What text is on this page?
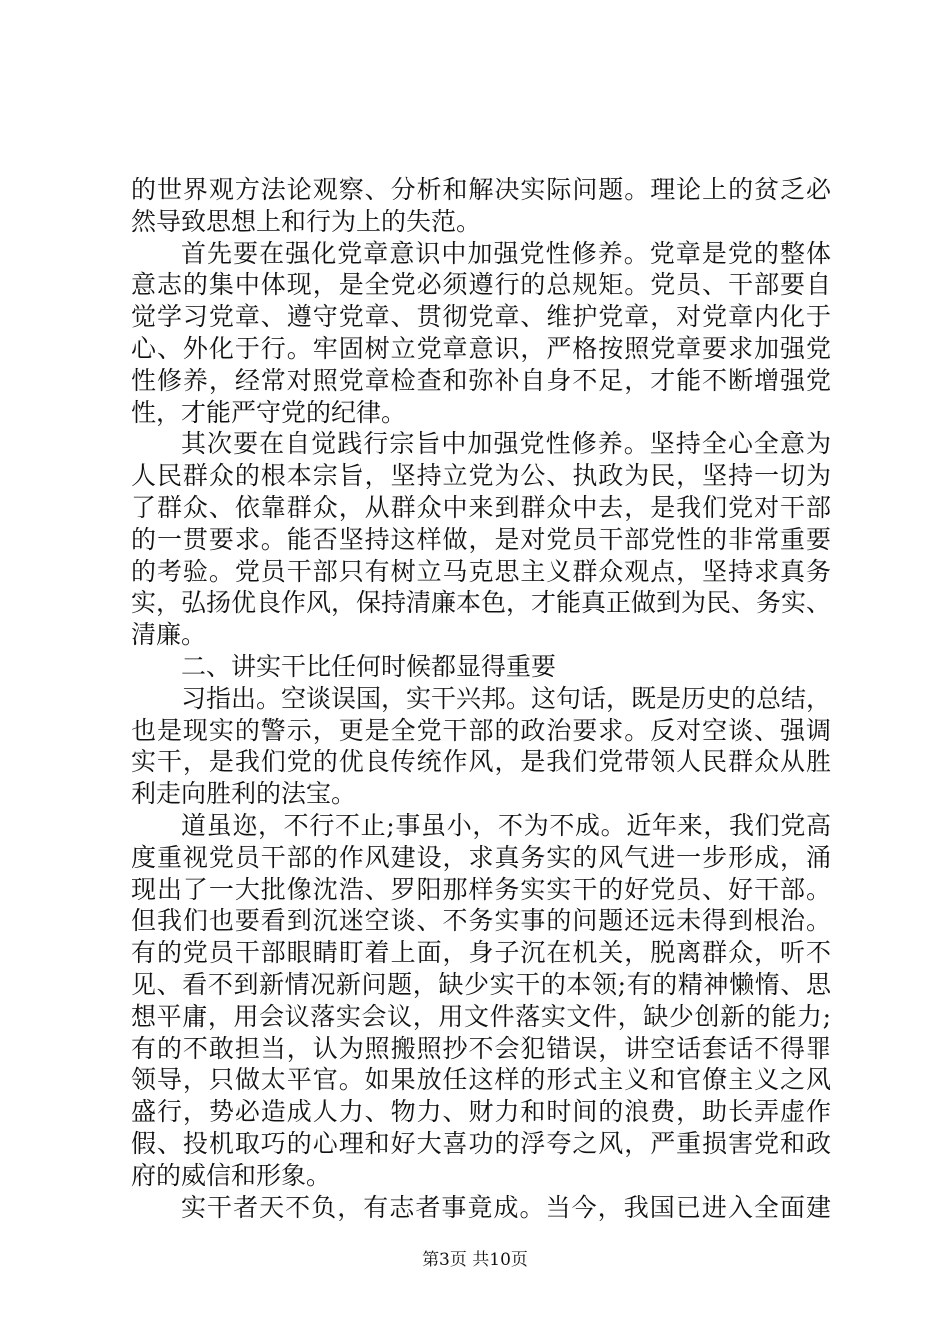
的世界观方法论观察、分析和解决实际问题。理论上的贫乏必
然导致思想上和行为上的失范。
首先要在强化党章意识中加强党性修养。党章是党的整体
意志的集中体现，是全党必须遵行的总规矩。党员、干部要自
觉学习党章、遵守党章、贯彻党章、维护党章，对党章内化于
心、外化于行。牢固树立党章意识，严格按照党章要求加强党
性修养，经常对照党章检查和弥补自身不足，才能不断增强党
性，才能严守党的纪律。
其次要在自觉践行宗旨中加强党性修养。坚持全心全意为
人民群众的根本宗旨，坚持立党为公、执政为民，坚持一切为
了群众、依靠群众，从群众中来到群众中去，是我们党对干部
的一贯要求。能否坚持这样做，是对党员干部党性的非常重要
的考验。党员干部只有树立马克思主义群众观点，坚持求真务
实，弘扬优良作风，保持清廉本色，才能真正做到为民、务实、
清廉。
二、讲实干比任何时候都显得重要
习指出。空谈误国，实干兴邦。这句话，既是历史的总结，
也是现实的警示，更是全党干部的政治要求。反对空谈、强调
实干，是我们党的优良传统作风，是我们党带领人民群众从胜
利走向胜利的法宝。
道虽迩，不行不止;事虽小，不为不成。近年来，我们党高
度重视党员干部的作风建设，求真务实的风气进一步形成，涌
现出了一大批像沈浩、罗阳那样务实实干的好党员、好干部。
但我们也要看到沉迷空谈、不务实事的问题还远未得到根治。
有的党员干部眼睛盯着上面，身子沉在机关，脱离群众，听不
见、看不到新情况新问题，缺少实干的本领;有的精神懒惰、思
想平庸，用会议落实会议，用文件落实文件，缺少创新的能力;
有的不敢担当，认为照搬照抄不会犯错误，讲空话套话不得罪
领导，只做太平官。如果放任这样的形式主义和官僚主义之风
盛行，势必造成人力、物力、财力和时间的浪费，助长弄虚作
假、投机取巧的心理和好大喜功的浮夸之风，严重损害党和政
府的威信和形象。
实干者天不负，有志者事竟成。当今，我国已进入全面建
第3页 共10页
